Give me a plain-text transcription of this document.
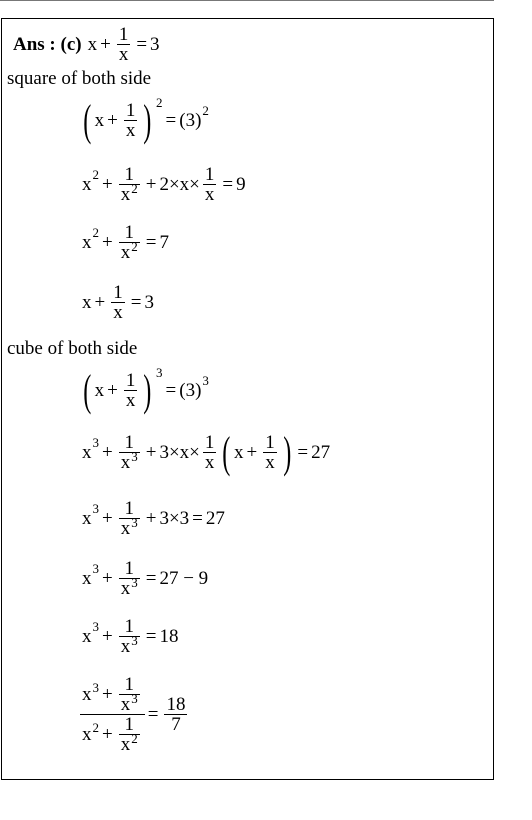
Ans : (c) $x + \frac{1}{x} = 3$
square of both side
( $x + \frac{1}{x}$ ) 2
= (3) 2
x $2 + \frac{1}{x^2} + 2\times x\times \frac{1}{x} = 9$
x $2 + \frac{1}{x^2} = 7$
$x + \frac{1}{x} = 3$
cube of both side
( $x + \frac{1}{x}$ ) 3
= (3) 3
x $3 + \frac{1}{x^3} + 3\times x\times \frac{1}{x}$ ( $x + \frac{1}{x}$ ) = 27
x $3 + \frac{1}{x^3} + 3\times 3 = 27$
x $3 + \frac{1}{x^3} = 27 - 9$
x $3 + \frac{1}{x^3} = 18$
x $3 + \frac{1}{x^3}$
x $2 + \frac{1}{x^2}$
= $\frac{18}{7}$
